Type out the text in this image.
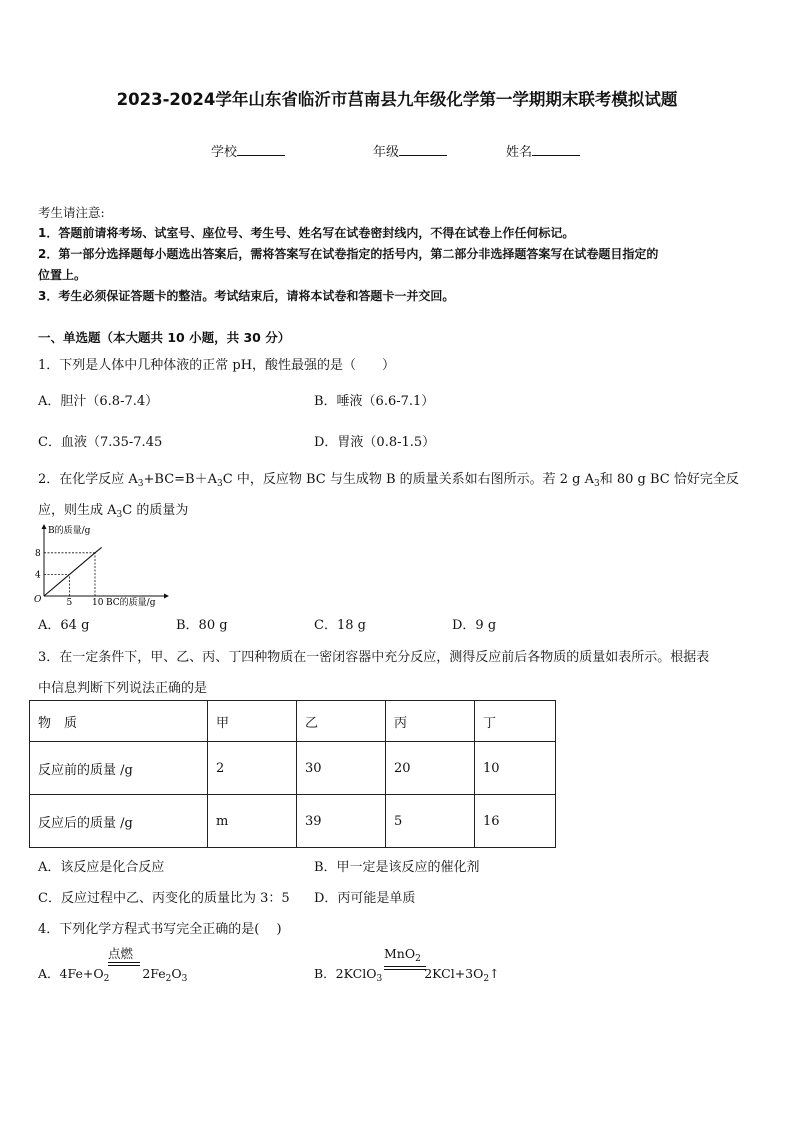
2023-2024学年山东省临沂市莒南县九年级化学第一学期期末联考模拟试题
学校	年级	姓名
考生请注意:
1．答题前请将考场、试室号、座位号、考生号、姓名写在试卷密封线内，不得在试卷上作任何标记。
2．第一部分选择题每小题选出答案后，需将答案写在试卷指定的括号内，第二部分非选择题答案写在试卷题目指定的
位置上。
3．考生必须保证答题卡的整洁。考试结束后，请将本试卷和答题卡一并交回。
一、单选题（本大题共 10 小题，共 30 分）
1．下列是人体中几种体液的正常 pH，酸性最强的是（　　）
A．胆汁（6.8-7.4）	B．唾液（6.6-7.1）
C．血液（7.35-7.45	D．胃液（0.8-1.5）
2．在化学反应 $A_3+BC=B+A_3C$ 中，反应物 BC 与生成物 B 的质量关系如右图所示。若 2 g $A_3$和 80 g BC 恰好完全反
应，则生成 $A_3C$ 的质量为
B的质量/g
BC的质量/g
O	5 10
4
8
A．64 g	B．80 g	C．18 g	D．9 g
3．在一定条件下，甲、乙、丙、丁四种物质在一密闭容器中充分反应，测得反应前后各物质的质量如表所示。根据表
中信息判断下列说法正确的是
物　质	甲	乙	丙	丁
反应前的质量 /g	2	30	20	10
反应后的质量 /g	m	39	5	16
A．该反应是化合反应	B．甲一定是该反应的催化剂
C．反应过程中乙、丙变化的质量比为 3：5 D．丙可能是单质
4．下列化学方程式书写完全正确的是(　 )
点燃
A．$4Fe+O_2$	$2Fe_2O_3$
MnO$_2$
B．2KClO$_3$	$2KCl+3O_2↑$
